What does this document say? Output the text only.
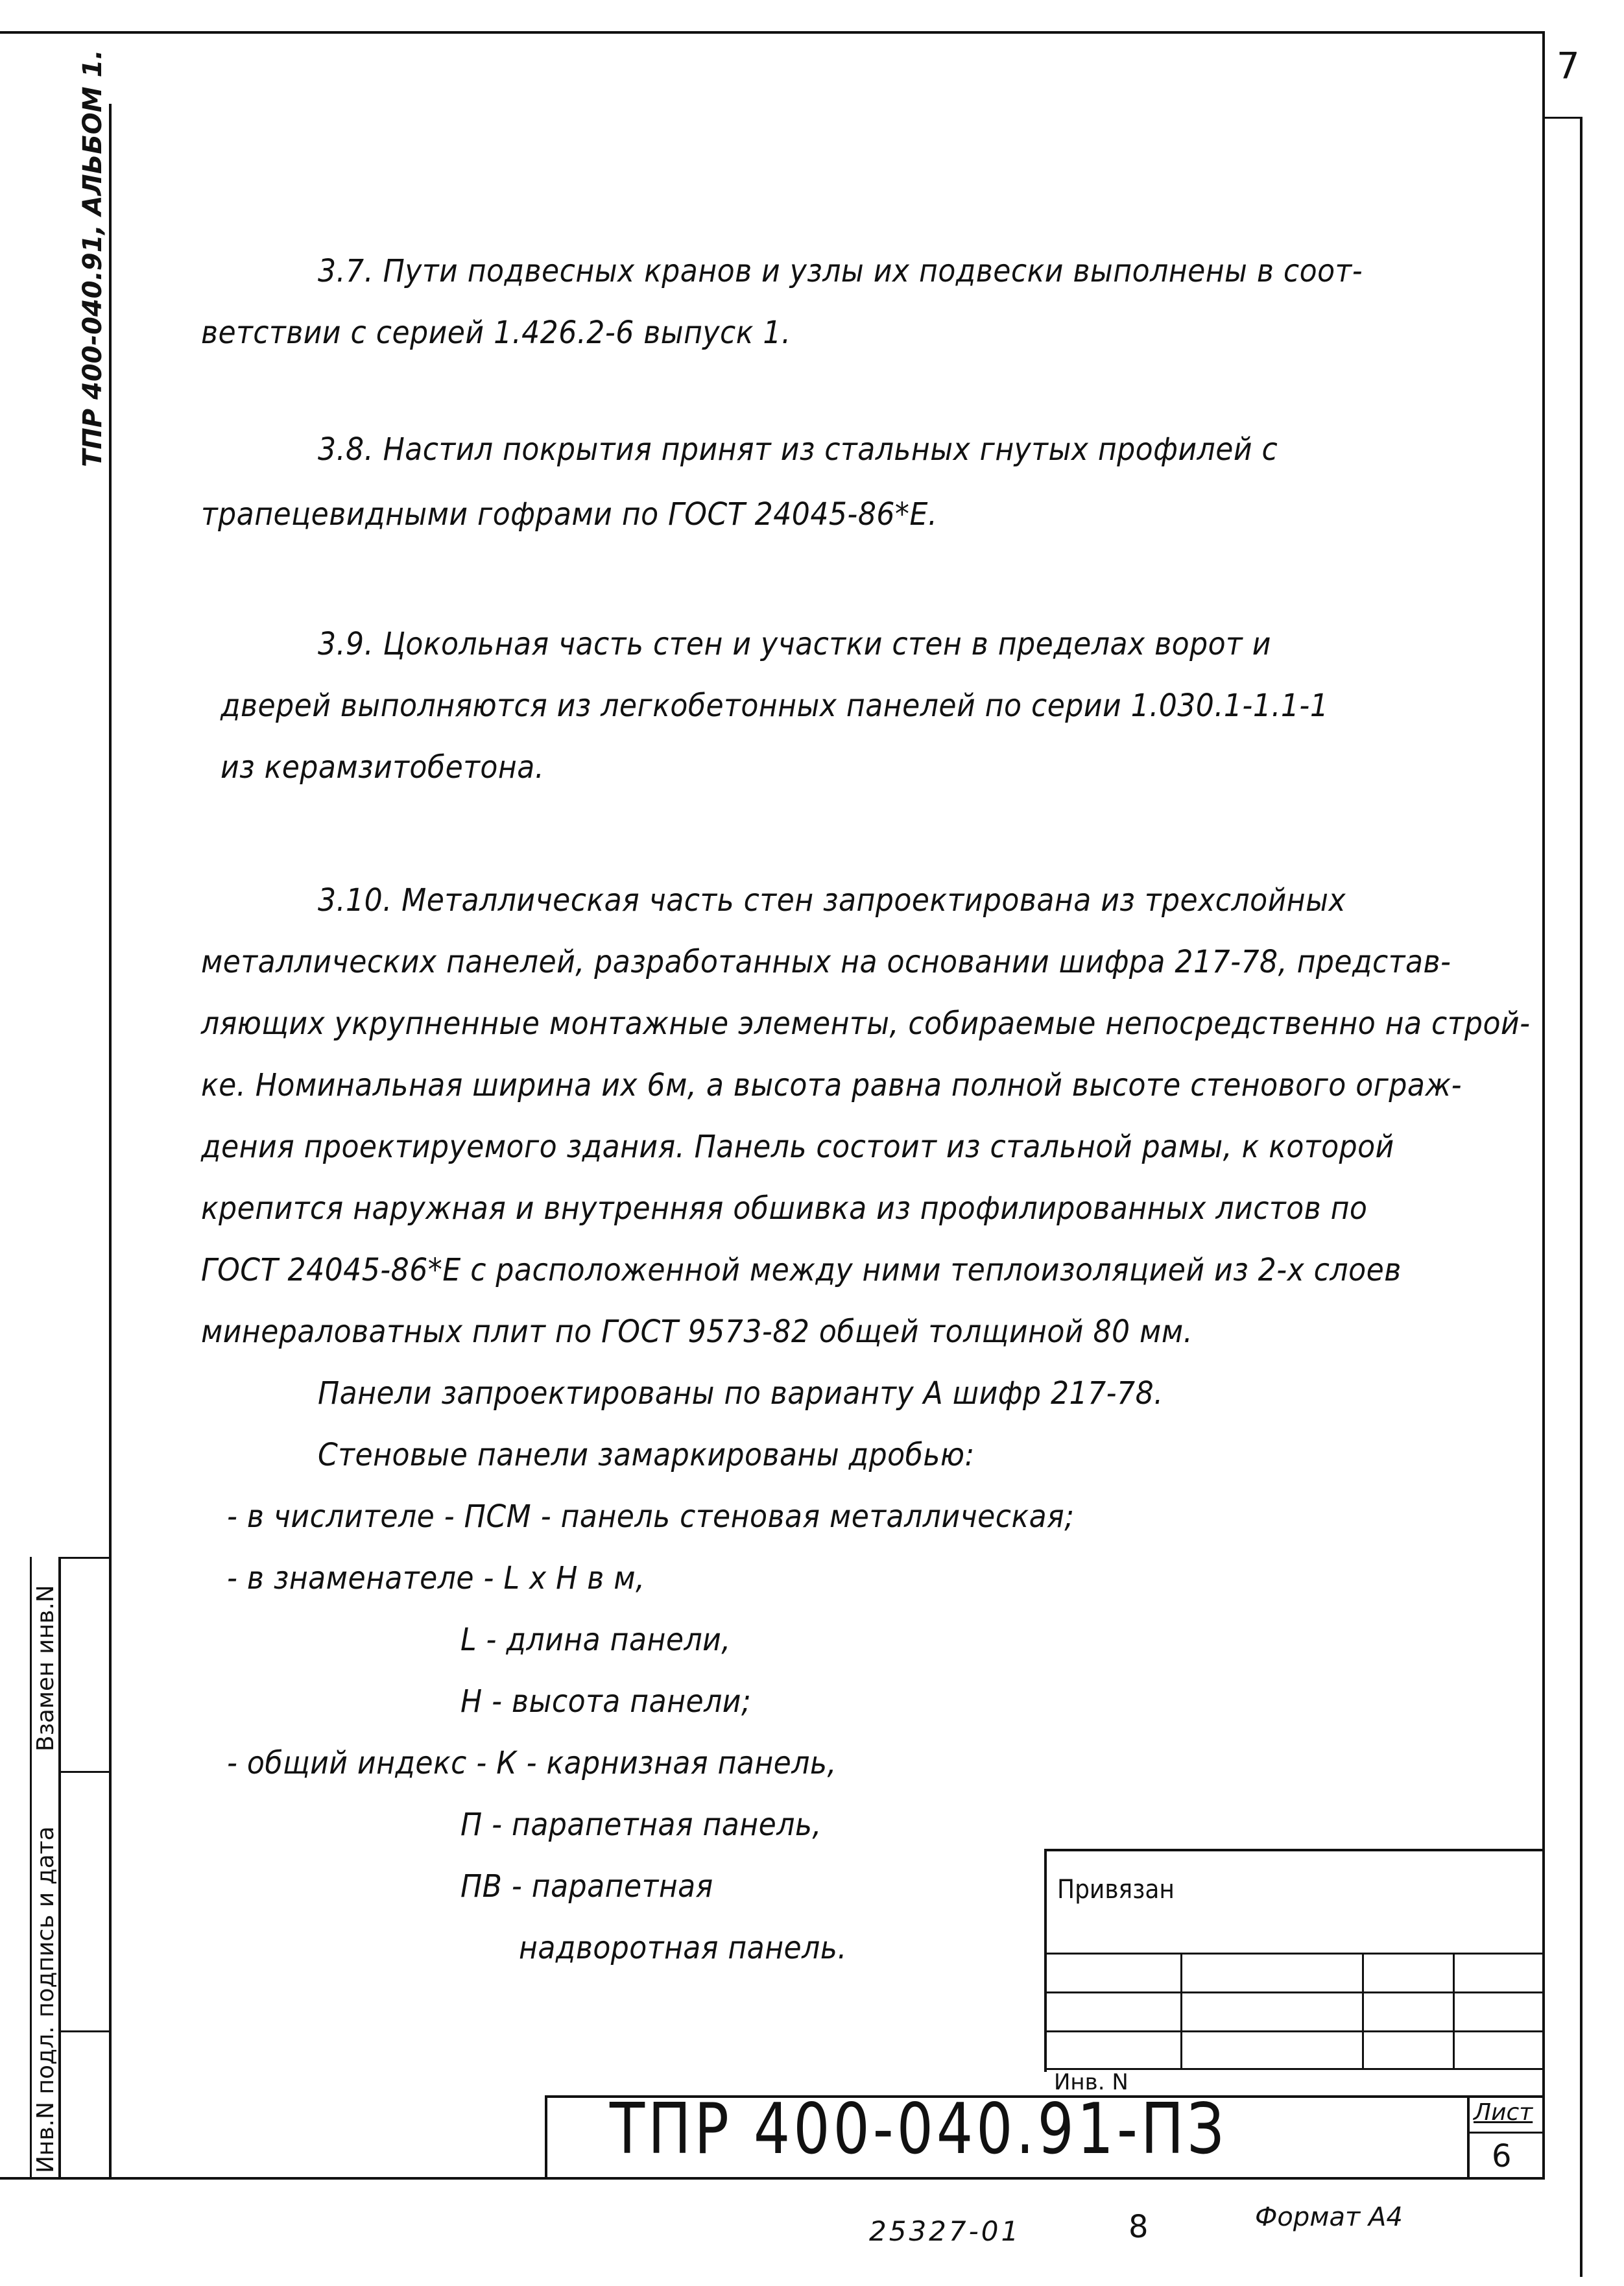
7
ТПР 400-040.91, АЛЬБОМ 1.
Взамен инв.N
подпись и дата
Инв.N подл.
3.7. Пути подвесных кранов и узлы их подвески выполнены в соот-
ветствии с серией 1.426.2-6 выпуск 1.
3.8. Настил покрытия принят из стальных гнутых профилей с
трапецевидными гофрами по ГОСТ 24045-86*Е.
3.9. Цокольная часть стен и участки стен в пределах ворот и
дверей выполняются из легкобетонных панелей по серии 1.030.1-1.1-1
из керамзитобетона.
3.10. Металлическая часть стен запроектирована из трехслойных
металлических панелей, разработанных на основании шифра 217-78, представ-
ляющих укрупненные монтажные элементы, собираемые непосредственно на строй-
ке. Номинальная ширина их 6м, а высота равна полной высоте стенового ограж-
дения проектируемого здания. Панель состоит из стальной рамы, к которой
крепится наружная и внутренняя обшивка из профилированных листов по
ГОСТ 24045-86*Е с расположенной между ними теплоизоляцией из 2-х слоев
минераловатных плит по ГОСТ 9573-82 общей толщиной 80 мм.
Панели запроектированы по варианту А шифр 217-78.
Стеновые панели замаркированы дробью:
- в числителе - ПСМ - панель стеновая металлическая;
- в знаменателе - L x H в м,
L - длина панели,
H - высота панели;
- общий индекс - К - карнизная панель,
П - парапетная панель,
ПВ - парапетная
надворотная панель.
Привязан
Инв. N
ТПР 400-040.91-ПЗ	Лист
6
25327-01	8	Формат А4
